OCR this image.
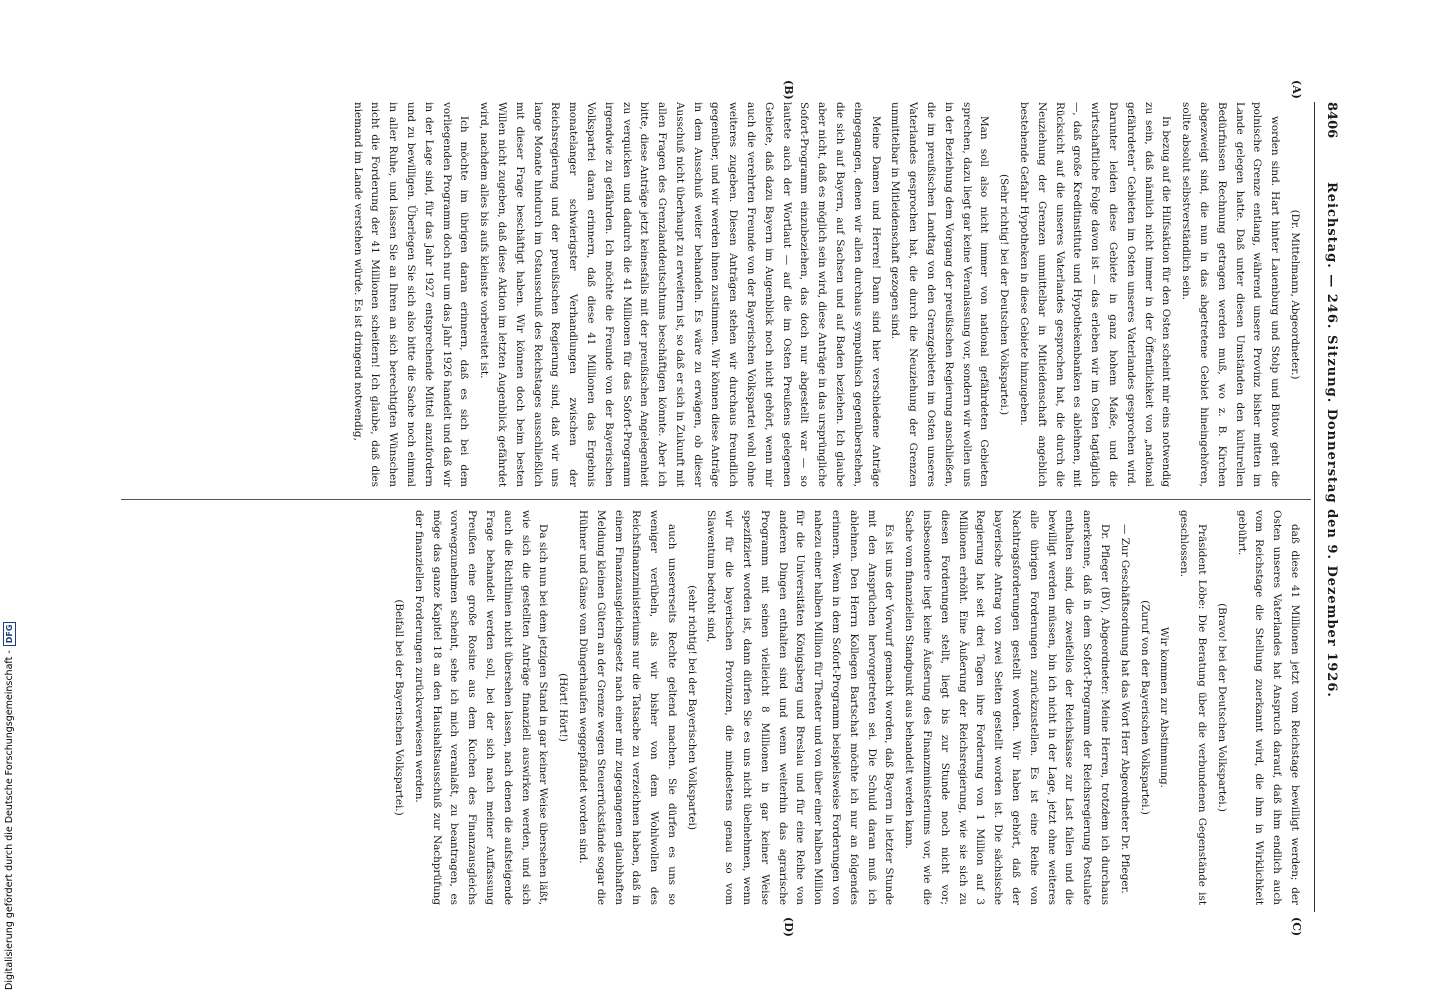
Digitalisierung gefördert durch die Deutsche Forschungsgemeinschaft -
DFG
8406
Reichstag. — 246. Sitzung. Donnerstag den 9. Dezember 1926.
(A)
(B)
(C)
(D)

(Dr. Mittelmann, Abgeordneter.)

worden sind. Hart hinter Lauenburg und Stolp und Bütow geht die polnische Grenze entlang, während unsere Provinz bisher mitten im Lande gelegen hatte. Daß unter diesen Umständen den kulturellen Bedürfnissen Rechnung getragen werden muß, wo z. B. Kirchen abgezweigt sind, die nun in das abgetretene Gebiet hineingehören, sollte absolut selbstverständlich sein.

In bezug auf die Hilfsaktion für den Osten scheint mir eins notwendig zu sein, daß nämlich nicht immer in der Öffentlichkeit von „national gefährdeten“ Gebieten im Osten unseres Vaterlandes gesprochen wird. Darunter leiden diese Gebiete in ganz hohem Maße, und die wirtschaftliche Folge davon ist — das erleben wir im Osten tagtäglich —, daß große Kreditinstitute und Hypothekenbanken es ablehnen, mit Rücksicht auf die unseres Vaterlandes gesprochen hat, die durch die Neuziehung der Grenzen unmittelbar in Mitleidenschaft angeblich bestehende Gefahr Hypotheken in diese Gebiete hinzugeben.

(Sehr richtig! bei der Deutschen Volkspartei.)

Man soll also nicht immer von national gefährdeten Gebieten sprechen, dazu liegt gar keine Veranlassung vor, sondern wir wollen uns in der Beziehung dem Vorgang der preußischen Regierung anschließen, die im preußischen Landtag von den Grenzgebieten im Osten unseres Vaterlandes gesprochen hat, die durch die Neuziehung der Grenzen unmittelbar in Mitleidenschaft gezogen sind.

Meine Damen und Herren! Dann sind hier verschiedene Anträge eingegangen, denen wir allen durchaus sympathisch gegenüberstehen, die sich auf Bayern, auf Sachsen und auf Baden beziehen. Ich glaube aber nicht, daß es möglich sein wird, diese Anträge in das ursprüngliche Sofort-Programm einzubeziehen, das doch nur abgestellt war — so lautete auch der Wortlaut — auf die im Osten Preußens gelegenen Gebiete, daß dazu Bayern im Augenblick noch nicht gehört, wenn mir auch die verehrten Freunde von der Bayerischen Volkspartei wohl ohne weiteres zugeben. Diesen Anträgen stehen wir durchaus freundlich gegenüber, und wir werden ihnen zustimmen. Wir können diese Anträge in dem Ausschuß weiter behandeln. Es wäre zu erwägen, ob dieser Ausschuß nicht überhaupt zu erweitern ist, so daß er sich in Zukunft mit allen Fragen des Grenzlanddeutschtums beschäftigen könnte. Aber ich bitte, diese Anträge jetzt keinesfalls mit der preußischen Angelegenheit zu verquicken und dadurch die 41 Millionen für das Sofort-Programm irgendwie zu gefährden. Ich möchte die Freunde von der Bayerischen Volkspartei daran erinnern, daß diese 41 Millionen das Ergebnis monatelanger schwierigster Verhandlungen zwischen der Reichsregierung und der preußischen Regierung sind, daß wir uns lange Monate hindurch im Ostausschuß des Reichstages ausschließlich mit dieser Frage beschäftigt haben. Wir können doch beim besten Willen nicht zugeben, daß diese Aktion im letzten Augenblick gefährdet wird, nachdem alles bis aufs kleinste vorbereitet ist.

Ich möchte im übrigen daran erinnern, daß es sich bei dem vorliegenden Programm doch nur um das Jahr 1926 handelt und daß wir in der Lage sind, für das Jahr 1927 entsprechende Mittel anzufordern und zu bewilligen. Überlegen Sie sich also bitte die Sache noch einmal in aller Ruhe, und lassen Sie an Ihren an sich berechtigten Wünschen nicht die Forderung der 41 Millionen scheitern! Ich glaube, daß dies niemand im Lande verstehen würde. Es ist dringend notwendig,

daß diese 41 Millionen jetzt vom Reichstage bewilligt werden; der Osten unseres Vaterlandes hat Anspruch darauf, daß ihm endlich auch vom Reichstage die Stellung zuerkannt wird, die ihm in Wirklichkeit gebührt.

(Bravo! bei der Deutschen Volkspartei.)

Präsident Löbe: Die Beratung über die verbundenen Gegenstände ist geschlossen.

Wir kommen zur Abstimmung.

(Zuruf von der Bayerischen Volkspartei.)

— Zur Geschäftsordnung hat das Wort Herr Abgeordneter Dr. Pfleger.

Dr. Pfleger (BV), Abgeordneter: Meine Herren, trotzdem ich durchaus anerkenne, daß in dem Sofort-Programm der Reichsregierung Postulate enthalten sind, die zweifellos der Reichskasse zur Last fallen und die bewilligt werden müssen, bin ich nicht in der Lage, jetzt ohne weiteres alle übrigen Forderungen zurückzustellen. Es ist eine Reihe von Nachtragsforderungen gestellt worden. Wir haben gehört, daß der bayerische Antrag von zwei Seiten gestellt worden ist. Die sächsische Regierung hat seit drei Tagen ihre Forderung von 1 Million auf 3 Millionen erhöht. Eine Äußerung der Reichsregierung, wie sie sich zu diesen Forderungen stellt, liegt bis zur Stunde noch nicht vor; insbesondere liegt keine Äußerung des Finanzministeriums vor, wie die Sache vom finanziellen Standpunkt aus behandelt werden kann.

Es ist uns der Vorwurf gemacht worden, daß Bayern in letzter Stunde mit den Ansprüchen hervorgetreten sei. Die Schuld daran muß ich ablehnen. Den Herrn Kollegen Bartschat möchte ich nur an folgendes erinnern. Wenn in dem Sofort-Programm beispielsweise Forderungen von nahezu einer halben Million für Theater und von über einer halben Million für die Universitäten Königsberg und Breslau und für eine Reihe von anderen Dingen enthalten sind und wenn weiterhin das agrarische Programm mit seinen vielleicht 8 Millionen in gar keiner Weise spezifiziert worden ist, dann dürfen Sie es uns nicht übelnehmen, wenn wir für die bayerischen Provinzen, die mindestens genau so vom Slawentum bedroht sind,

(sehr richtig! bei der Bayerischen Volkspartei)

auch unsererseits Rechte geltend machen. Sie dürfen es uns so weniger verübeln, als wir bisher von dem Wohlwollen des Reichsfinanzministeriums nur die Tatsache zu verzeichnen haben, daß in einem Finanzausgleichsgesetz nach einer mir zugegangenen glaubhaften Meldung kleinen Gütern an der Grenze wegen Steuerrückstände sogar die Hühner und Gänse vom Düngerhaufen weggepfändet worden sind.

(Hört! Hört!)

Da sich nun bei dem jetzigen Stand in gar keiner Weise übersehen läßt, wie sich die gestellten Anträge finanziell auswirken werden, und sich auch die Richtlinien nicht übersehen lassen, nach denen die aufsteigende Frage behandelt werden soll, bei der sich nach meiner Auffassung Preußen eine große Rosine aus dem Kuchen des Finanzausgleichs vorwegzunehmen scheint, sehe ich mich veranlaßt, zu beantragen, es möge das ganze Kapitel 18 an den Haushaltsausschuß zur Nachprüfung der finanziellen Forderungen zurückverwiesen werden.

(Beifall bei der Bayerischen Volkspartei.)
